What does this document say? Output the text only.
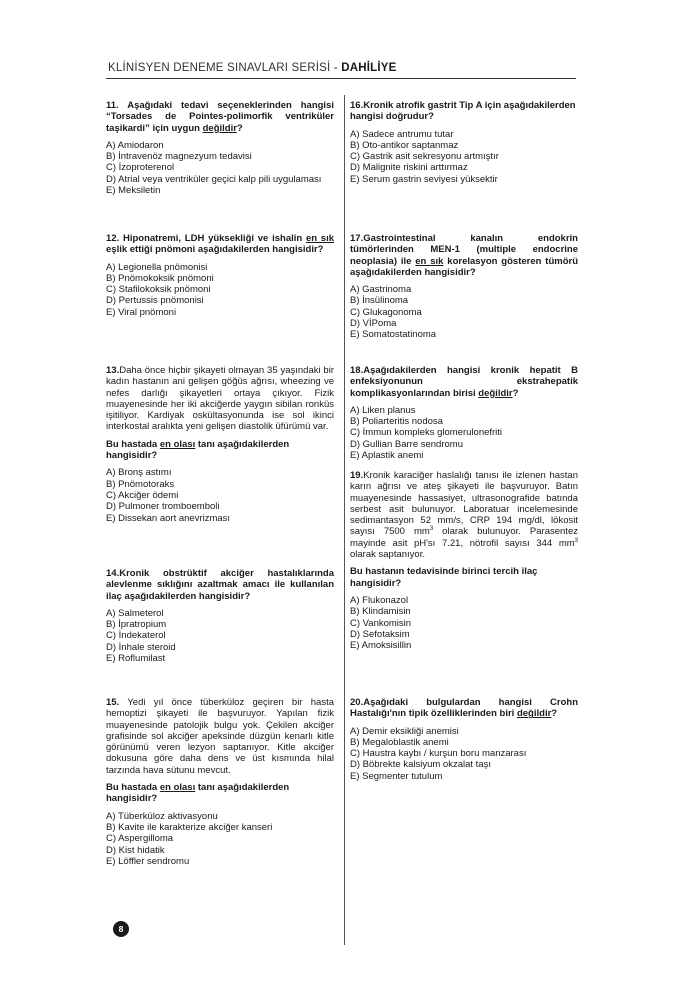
KLİNİSYEN DENEME SINAVLARI SERİSİ - DAHİLİYE

11. Aşağıdaki tedavi seçeneklerinden hangisi “Torsades de Pointes-polimorfik ventriküler taşikardi” için uygun değildir?

A) Amiodaron
B) İntravenöz magnezyum tedavisi
C) İzoproterenol
D) Atrial veya ventriküler geçici kalp pili uygulaması
E) Meksiletin

12. Hiponatremi, LDH yüksekliği ve ishalin en sık eşlik ettiği pnömoni aşağıdakilerden hangisidir?

A) Legionella pnömonisi
B) Pnömokoksik pnömoni
C) Stafilokoksik pnömoni
D) Pertussis pnömonisi
E) Viral pnömoni

13.Daha önce hiçbir şikayeti olmayan 35 yaşındaki bir kadın hastanın ani gelişen göğüs ağrısı, wheezing ve nefes darlığı şikayetleri ortaya çıkıyor. Fizik muayenesinde her iki akciğerde yaygın sibilan ronküs işitiliyor. Kardiyak oskültasyonunda ise sol ikinci interkostal aralıkta yeni gelişen diastolik üfürümü var.

Bu hastada en olası tanı aşağıdakilerden hangisidir?

A) Bronş astımı
B) Pnömotoraks
C) Akciğer ödemi
D) Pulmoner tromboemboli
E) Dissekan aort anevrizması

14.Kronik obstrüktif akciğer hastalıklarında alevlenme sıklığını azaltmak amacı ile kullanılan ilaç aşağıdakilerden hangisidir?

A) Salmeterol
B) İpratropium
C) İndekaterol
D) İnhale steroid
E) Roflumilast

15. Yedi yıl önce tüberküloz geçiren bir hasta hemoptizi şikayeti ile başvuruyor. Yapılan fizik muayenesinde patolojik bulgu yok. Çekilen akciğer grafisinde sol akciğer apeksinde düzgün kenarlı kitle görünümü veren lezyon saptanıyor. Kitle akciğer dokusuna göre daha dens ve üst kısmında hilal tarzında hava sütunu mevcut.

Bu hastada en olası tanı aşağıdakilerden hangisidir?

A) Tüberküloz aktivasyonu
B) Kavite ile karakterize akciğer kanseri
C) Aspergilloma
D) Kist hidatik
E) Löffler sendromu

16.Kronik atrofik gastrit Tip A için aşağıdakilerden hangisi doğrudur?

A) Sadece antrumu tutar
B) Oto-antikor saptanmaz
C) Gastrik asit sekresyonu artmıştır
D) Malignite riskini arttırmaz
E) Serum gastrin seviyesi yüksektir

17.Gastrointestinal kanalın endokrin tümörlerinden MEN-1 (multiple endocrine neoplasia) ile en sık korelasyon gösteren tümörü aşağıdakilerden hangisidir?

A) Gastrinoma
B) İnsülinoma
C) Glukagonoma
D) VİPoma
E) Somatostatinoma

18.Aşağıdakilerden hangisi kronik hepatit B enfeksiyonunun ekstrahepatik komplikasyonlarından birisi değildir?

A) Liken planus
B) Poliarteritis nodosa
C) İmmun kompleks glomerulonefriti
D) Gullian Barre sendromu
E) Aplastik anemi

19.Kronik karaciğer haslalığı tanısı ile izlenen hastan karın ağrısı ve ateş şikayeti ile başvuruyor. Batın muayenesinde hassasiyet, ultrasonografide batında serbest asit bulunuyor. Laboratuar incelemesinde sedimantasyon 52 mm/s, CRP 194 mg/dl, lökosit sayısı 7500 $mm^3$ olarak bulunuyor. Parasentez mayinde asit pH'sı 7.21, nötrofil sayısı 344 $mm^3$ olarak saptanıyor.

Bu hastanın tedavisinde birinci tercih ilaç hangisidir?

A) Flukonazol
B) Klindamisin
C) Vankomisin
D) Sefotaksim
E) Amoksisillin

20.Aşağıdaki bulgulardan hangisi Crohn Hastalığı'nın tipik özelliklerinden biri değildir?

A) Demir eksikliği anemisi
B) Megaloblastik anemi
C) Haustra kaybı / kurşun boru manzarası
D) Böbrekte kalsiyum okzalat taşı
E) Segmenter tutulum
8
